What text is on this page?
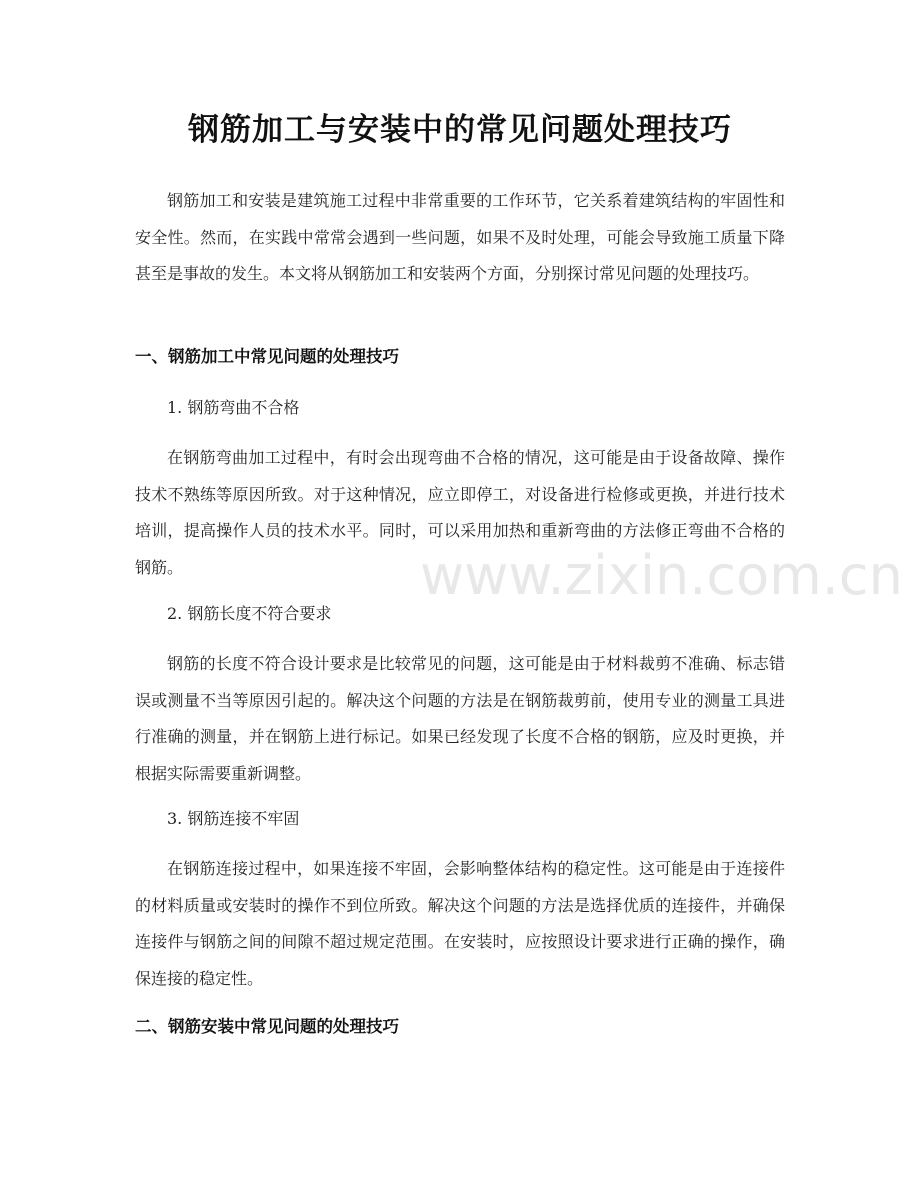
钢筋加工与安装中的常见问题处理技巧

钢筋加工和安装是建筑施工过程中非常重要的工作环节，它关系着建筑结构的牢固性和安全性。然而，在实践中常常会遇到一些问题，如果不及时处理，可能会导致施工质量下降甚至是事故的发生。本文将从钢筋加工和安装两个方面，分别探讨常见问题的处理技巧。

一、钢筋加工中常见问题的处理技巧

1. 钢筋弯曲不合格

在钢筋弯曲加工过程中，有时会出现弯曲不合格的情况，这可能是由于设备故障、操作技术不熟练等原因所致。对于这种情况，应立即停工，对设备进行检修或更换，并进行技术培训，提高操作人员的技术水平。同时，可以采用加热和重新弯曲的方法修正弯曲不合格的钢筋。

2. 钢筋长度不符合要求

钢筋的长度不符合设计要求是比较常见的问题，这可能是由于材料裁剪不准确、标志错误或测量不当等原因引起的。解决这个问题的方法是在钢筋裁剪前，使用专业的测量工具进行准确的测量，并在钢筋上进行标记。如果已经发现了长度不合格的钢筋，应及时更换，并根据实际需要重新调整。

3. 钢筋连接不牢固

在钢筋连接过程中，如果连接不牢固，会影响整体结构的稳定性。这可能是由于连接件的材料质量或安装时的操作不到位所致。解决这个问题的方法是选择优质的连接件，并确保连接件与钢筋之间的间隙不超过规定范围。在安装时，应按照设计要求进行正确的操作，确保连接的稳定性。

二、钢筋安装中常见问题的处理技巧
www.zixin.com.cn
